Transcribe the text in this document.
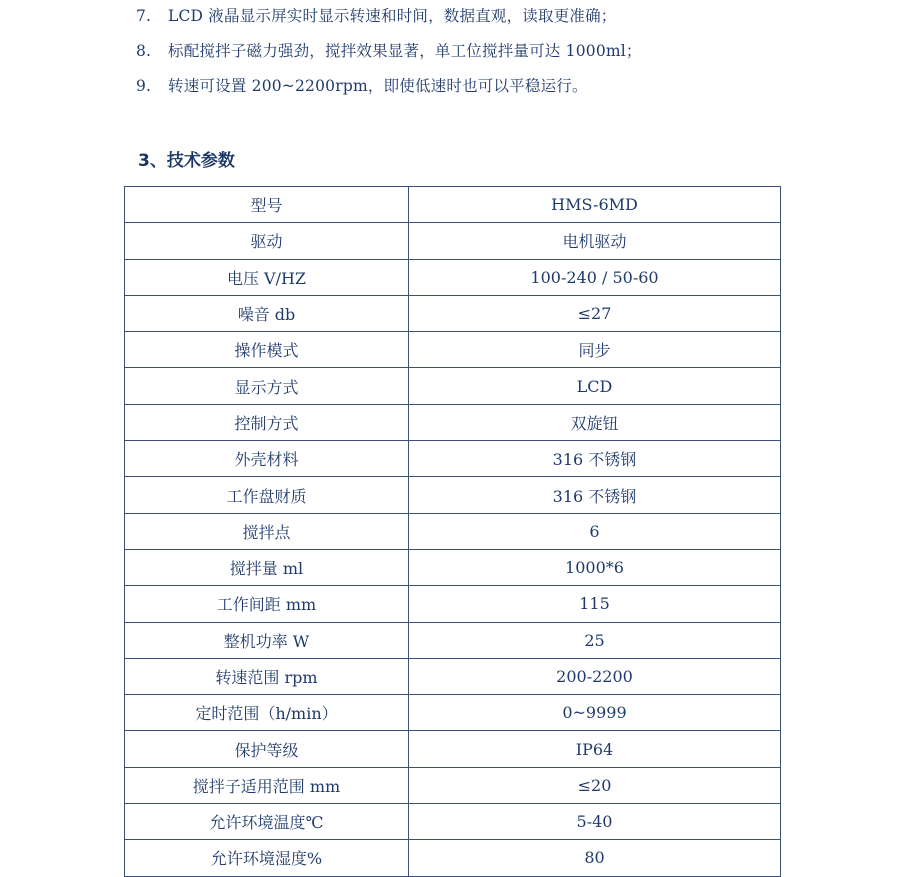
7. LCD 液晶显示屏实时显示转速和时间，数据直观，读取更准确；
8. 标配搅拌子磁力强劲，搅拌效果显著，单工位搅拌量可达 1000ml；
9. 转速可设置 200~2200rpm，即使低速时也可以平稳运行。
3、技术参数
型号	HMS-6MD
驱动	电机驱动
电压 V/HZ	100-240 / 50-60
噪音 db	≤27
操作模式	同步
显示方式	LCD
控制方式	双旋钮
外壳材料	316 不锈钢
工作盘财质	316 不锈钢
搅拌点	6
搅拌量 ml	1000*6
工作间距 mm	115
整机功率 W	25
转速范围 rpm	200-2200
定时范围（h/min）	0~9999
保护等级	IP64
搅拌子适用范围 mm	≤20
允许环境温度℃	5-40
允许环境湿度%	80
